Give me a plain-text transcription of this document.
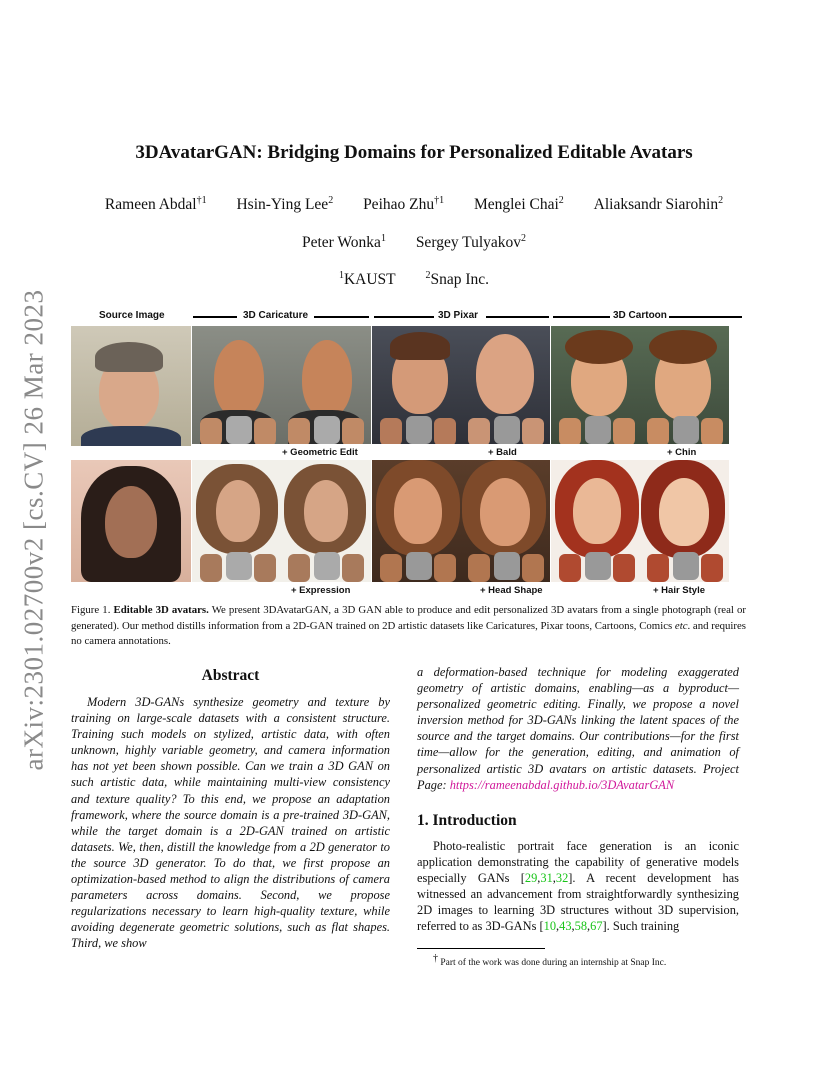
arXiv:2301.02700v2 [cs.CV] 26 Mar 2023
3DAvatarGAN: Bridging Domains for Personalized Editable Avatars
Rameen Abdal$^{\dagger 1}$ Hsin-Ying Lee$^2$ Peihao Zhu$^{\dagger 1}$ Menglei Chai$^2$ Aliaksandr Siarohin$^2$
Peter Wonka$^1$ Sergey Tulyakov$^2$
$^1$KAUST	$^2$Snap Inc.
Source Image	3D Caricature	3D Pixar	3D Cartoon
+ Geometric Edit	+ Bald	+ Chin
+ Expression	+ Head Shape	+ Hair Style
Figure 1. Editable 3D avatars. We present 3DAvatarGAN, a 3D GAN able to produce and edit personalized 3D avatars from a single photograph (real or generated). Our method distills information from a 2D-GAN trained on 2D artistic datasets like Caricatures, Pixar toons, Cartoons, Comics etc. and requires no camera annotations.
Abstract

Modern 3D-GANs synthesize geometry and texture by training on large-scale datasets with a consistent structure. Training such models on stylized, artistic data, with often unknown, highly variable geometry, and camera information has not yet been shown possible. Can we train a 3D GAN on such artistic data, while maintaining multi-view consistency and texture quality? To this end, we propose an adaptation framework, where the source domain is a pre-trained 3D-GAN, while the target domain is a 2D-GAN trained on artistic datasets. We, then, distill the knowledge from a 2D generator to the source 3D generator. To do that, we first propose an optimization-based method to align the distributions of camera parameters across domains. Second, we propose regularizations necessary to learn high-quality texture, while avoiding degenerate geometric solutions, such as flat shapes. Third, we show

a deformation-based technique for modeling exaggerated geometry of artistic domains, enabling—as a byproduct—personalized geometric editing. Finally, we propose a novel inversion method for 3D-GANs linking the latent spaces of the source and the target domains. Our contributions—for the first time—allow for the generation, editing, and animation of personalized artistic 3D avatars on artistic datasets. Project Page: https://rameenabdal.github.io/3DAvatarGAN

1. Introduction

Photo-realistic portrait face generation is an iconic application demonstrating the capability of generative models especially GANs [29,31,32]. A recent development has witnessed an advancement from straightforwardly synthesizing 2D images to learning 3D structures without 3D supervision, referred to as 3D-GANs [10,43,58,67]. Such training

† Part of the work was done during an internship at Snap Inc.
